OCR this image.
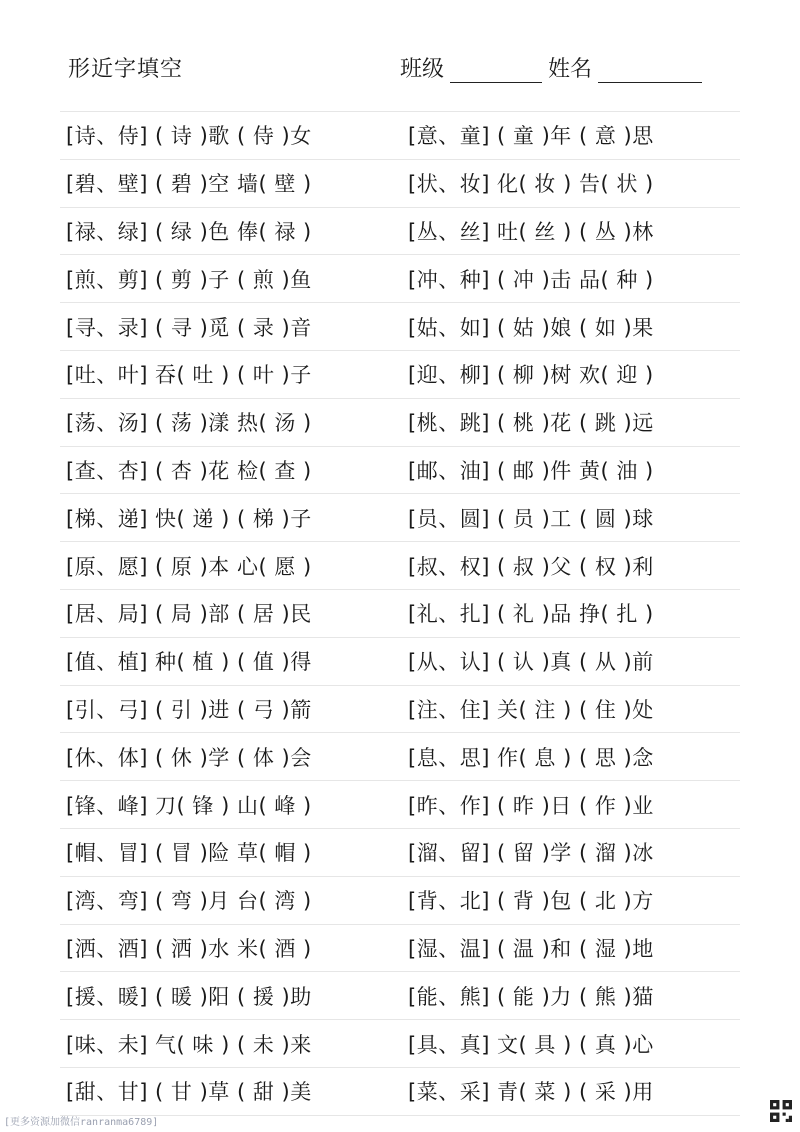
形近字填空	班级	姓名
[诗、侍] ( 诗 )歌 ( 侍 )女	[意、童] ( 童 )年 ( 意 )思
[碧、壁] ( 碧 )空 墙( 壁 )	[状、妆] 化( 妆 ) 告( 状 )
[禄、绿] ( 绿 )色 俸( 禄 )	[丛、丝] 吐( 丝 ) ( 丛 )林
[煎、剪] ( 剪 )子 ( 煎 )鱼	[冲、种] ( 冲 )击 品( 种 )
[寻、录] ( 寻 )觅 ( 录 )音	[姑、如] ( 姑 )娘 ( 如 )果
[吐、叶] 吞( 吐 ) ( 叶 )子	[迎、柳] ( 柳 )树 欢( 迎 )
[荡、汤] ( 荡 )漾 热( 汤 )	[桃、跳] ( 桃 )花 ( 跳 )远
[查、杏] ( 杏 )花 检( 查 )	[邮、油] ( 邮 )件 黄( 油 )
[梯、递] 快( 递 ) ( 梯 )子	[员、圆] ( 员 )工 ( 圆 )球
[原、愿] ( 原 )本 心( 愿 )	[叔、权] ( 叔 )父 ( 权 )利
[居、局] ( 局 )部 ( 居 )民	[礼、扎] ( 礼 )品 挣( 扎 )
[值、植] 种( 植 ) ( 值 )得	[从、认] ( 认 )真 ( 从 )前
[引、弓] ( 引 )进 ( 弓 )箭	[注、住] 关( 注 ) ( 住 )处
[休、体] ( 休 )学 ( 体 )会	[息、思] 作( 息 ) ( 思 )念
[锋、峰] 刀( 锋 ) 山( 峰 )	[昨、作] ( 昨 )日 ( 作 )业
[帽、冒] ( 冒 )险 草( 帽 )	[溜、留] ( 留 )学 ( 溜 )冰
[湾、弯] ( 弯 )月 台( 湾 )	[背、北] ( 背 )包 ( 北 )方
[洒、酒] ( 洒 )水 米( 酒 )	[湿、温] ( 温 )和 ( 湿 )地
[援、暖] ( 暖 )阳 ( 援 )助	[能、熊] ( 能 )力 ( 熊 )猫
[味、未] 气( 味 ) ( 未 )来	[具、真] 文( 具 ) ( 真 )心
[甜、甘] ( 甘 )草 ( 甜 )美	[菜、采] 青( 菜 ) ( 采 )用
[更多资源加微信ranranma6789]
